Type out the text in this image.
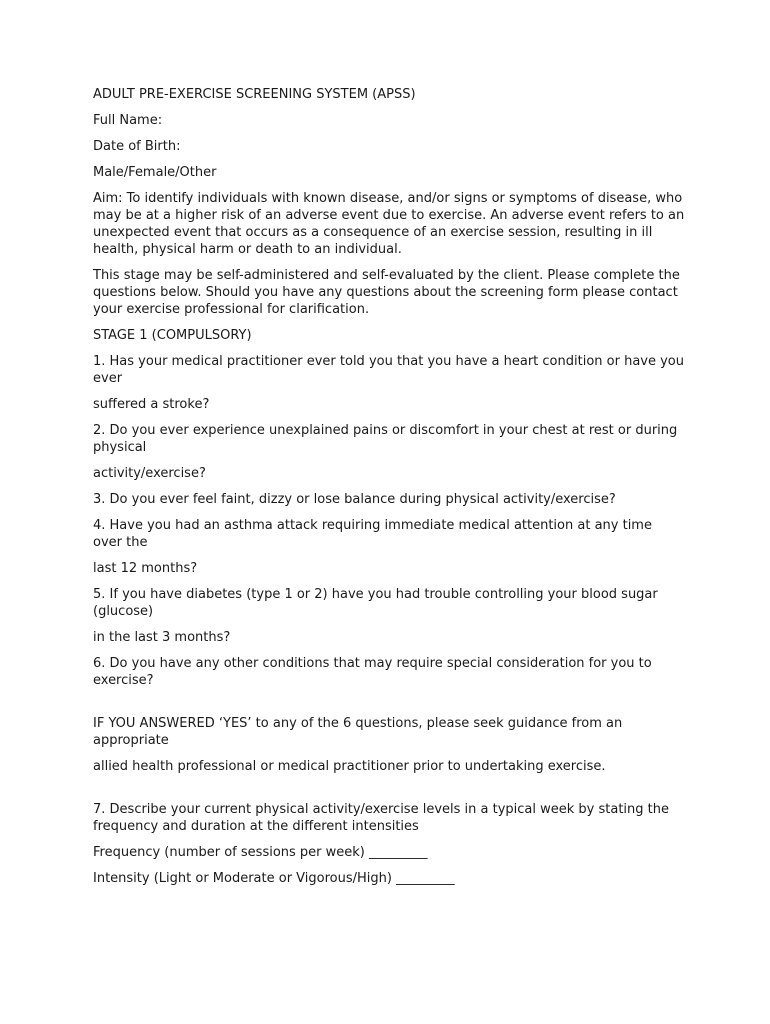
ADULT PRE-EXERCISE SCREENING SYSTEM (APSS)

Full Name:

Date of Birth:

Male/Female/Other

Aim: To identify individuals with known disease, and/or signs or symptoms of disease, who may be at a higher risk of an adverse event due to exercise. An adverse event refers to an unexpected event that occurs as a consequence of an exercise session, resulting in ill health, physical harm or death to an individual.

This stage may be self-administered and self-evaluated by the client. Please complete the questions below. Should you have any questions about the screening form please contact your exercise professional for clarification.

STAGE 1 (COMPULSORY)

1. Has your medical practitioner ever told you that you have a heart condition or have you ever

suffered a stroke?

2. Do you ever experience unexplained pains or discomfort in your chest at rest or during physical

activity/exercise?

3. Do you ever feel faint, dizzy or lose balance during physical activity/exercise?

4. Have you had an asthma attack requiring immediate medical attention at any time over the

last 12 months?

5. If you have diabetes (type 1 or 2) have you had trouble controlling your blood sugar (glucose)

in the last 3 months?

6. Do you have any other conditions that may require special consideration for you to exercise?

IF YOU ANSWERED ‘YES’ to any of the 6 questions, please seek guidance from an appropriate

allied health professional or medical practitioner prior to undertaking exercise.

7. Describe your current physical activity/exercise levels in a typical week by stating the frequency and duration at the different intensities

Frequency (number of sessions per week) _________

Intensity (Light or Moderate or Vigorous/High) _________
